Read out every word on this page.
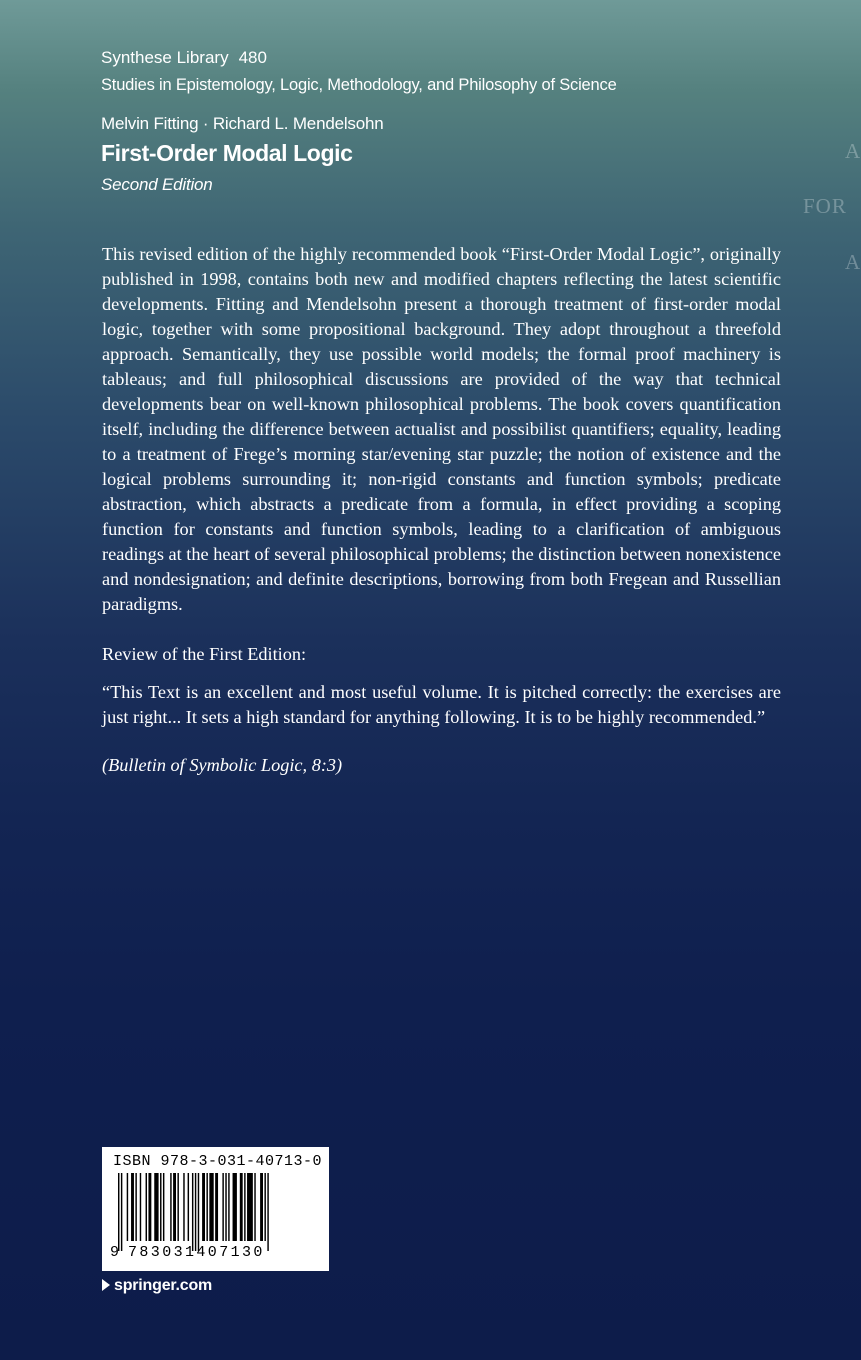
Synthese Library 480
Studies in Epistemology, Logic, Methodology, and Philosophy of Science
Melvin Fitting · Richard L. Mendelsohn
First-Order Modal Logic
Second Edition
A
FOR
A

This revised edition of the highly recommended book “First-Order Modal Logic”, originally published in 1998, contains both new and modified chapters reflecting the latest scientific developments. Fitting and Mendelsohn present a thorough treatment of first-order modal logic, together with some propositional background. They adopt throughout a threefold approach. Semantically, they use possible world models; the formal proof machinery is tableaus; and full philosophical discussions are provided of the way that technical developments bear on well-known philosophical problems. The book covers quantification itself, including the difference between actualist and possibilist quantifiers; equality, leading to a treatment of Frege’s morning star/evening star puzzle; the notion of existence and the logical problems surrounding it; non-rigid constants and function symbols; predicate abstraction, which abstracts a predicate from a formula, in effect providing a scoping function for constants and function symbols, leading to a clarification of ambiguous readings at the heart of several philosophical problems; the distinction between nonexistence and nondesignation; and definite descriptions, borrowing from both Fregean and Russellian paradigms.

Review of the First Edition:

“This Text is an excellent and most useful volume. It is pitched correctly: the exercises are just right... It sets a high standard for anything following. It is to be highly recommended.”

(Bulletin of Symbolic Logic, 8:3)

ISBN 978-3-031-40713-0
9 783031407130
springer.com
